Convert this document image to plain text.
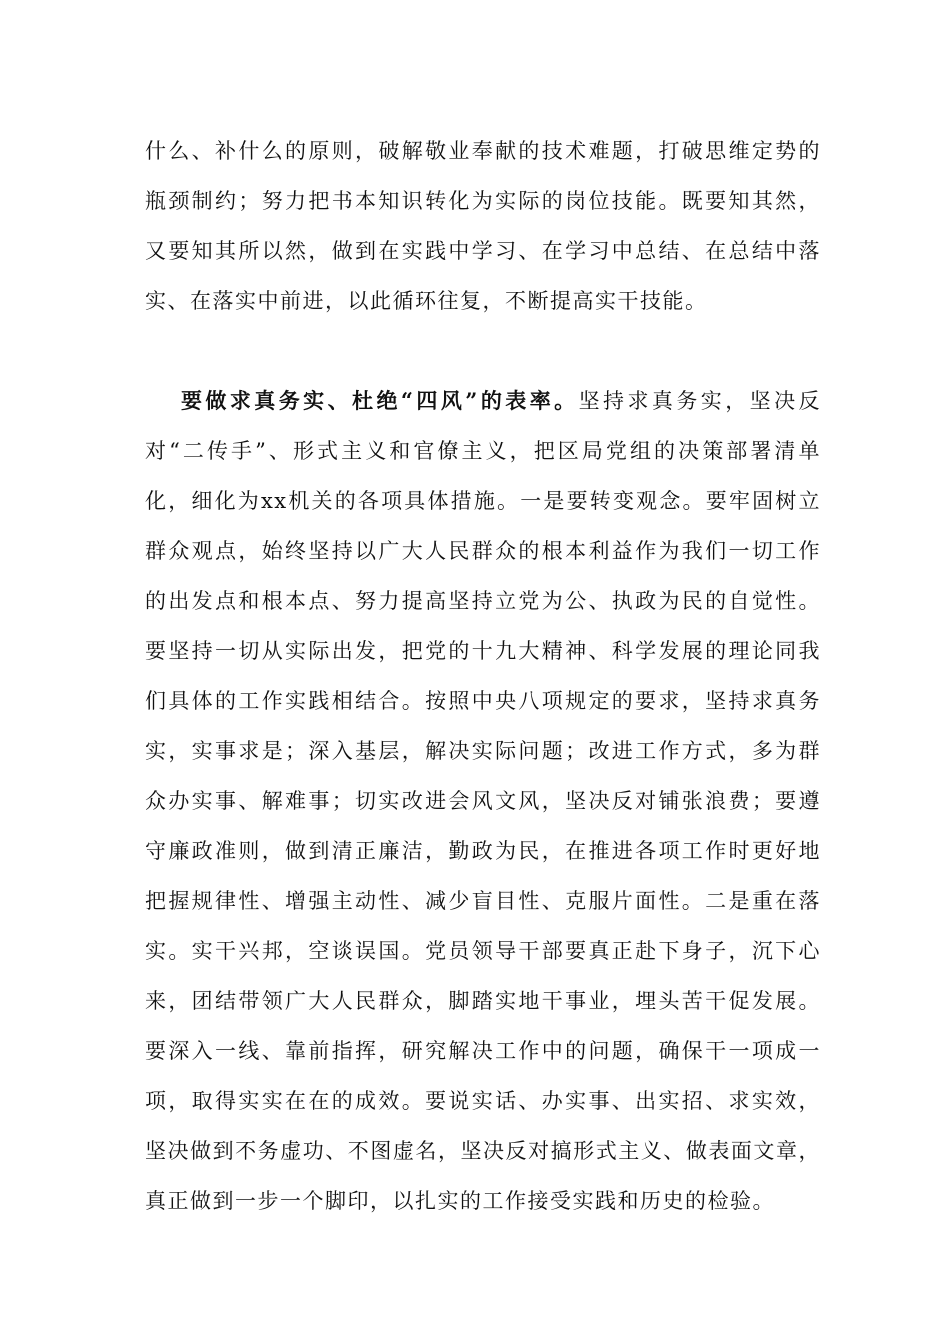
什么、补什么的原则，破解敬业奉献的技术难题，打破思维定势的
瓶颈制约；努力把书本知识转化为实际的岗位技能。既要知其然，
又要知其所以然，做到在实践中学习、在学习中总结、在总结中落
实、在落实中前进，以此循环往复，不断提高实干技能。
要做求真务实、杜绝“四风”的表率。坚持求真务实，坚决反
对“二传手”、形式主义和官僚主义，把区局党组的决策部署清单
化，细化为xx机关的各项具体措施。一是要转变观念。要牢固树立
群众观点，始终坚持以广大人民群众的根本利益作为我们一切工作
的出发点和根本点、努力提高坚持立党为公、执政为民的自觉性。
要坚持一切从实际出发，把党的十九大精神、科学发展的理论同我
们具体的工作实践相结合。按照中央八项规定的要求，坚持求真务
实，实事求是；深入基层，解决实际问题；改进工作方式，多为群
众办实事、解难事；切实改进会风文风，坚决反对铺张浪费；要遵
守廉政准则，做到清正廉洁，勤政为民，在推进各项工作时更好地
把握规律性、增强主动性、减少盲目性、克服片面性。二是重在落
实。实干兴邦，空谈误国。党员领导干部要真正赴下身子，沉下心
来，团结带领广大人民群众，脚踏实地干事业，埋头苦干促发展。
要深入一线、靠前指挥，研究解决工作中的问题，确保干一项成一
项，取得实实在在的成效。要说实话、办实事、出实招、求实效，
坚决做到不务虚功、不图虚名，坚决反对搞形式主义、做表面文章，
真正做到一步一个脚印，以扎实的工作接受实践和历史的检验。
